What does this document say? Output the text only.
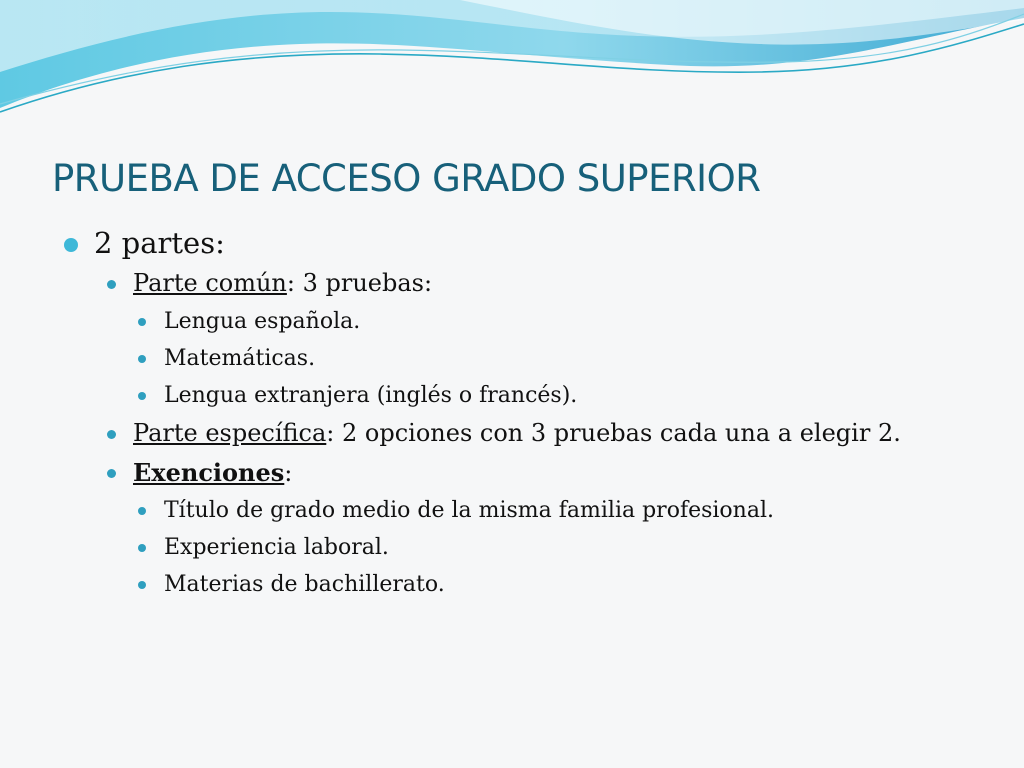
PRUEBA DE ACCESO GRADO SUPERIOR
2 partes:
Parte común: 3 pruebas:
Lengua española.
Matemáticas.
Lengua extranjera (inglés o francés).
Parte específica: 2 opciones con 3 pruebas cada una a elegir 2.
Exenciones:
Título de grado medio de la misma familia profesional.
Experiencia laboral.
Materias de bachillerato.
